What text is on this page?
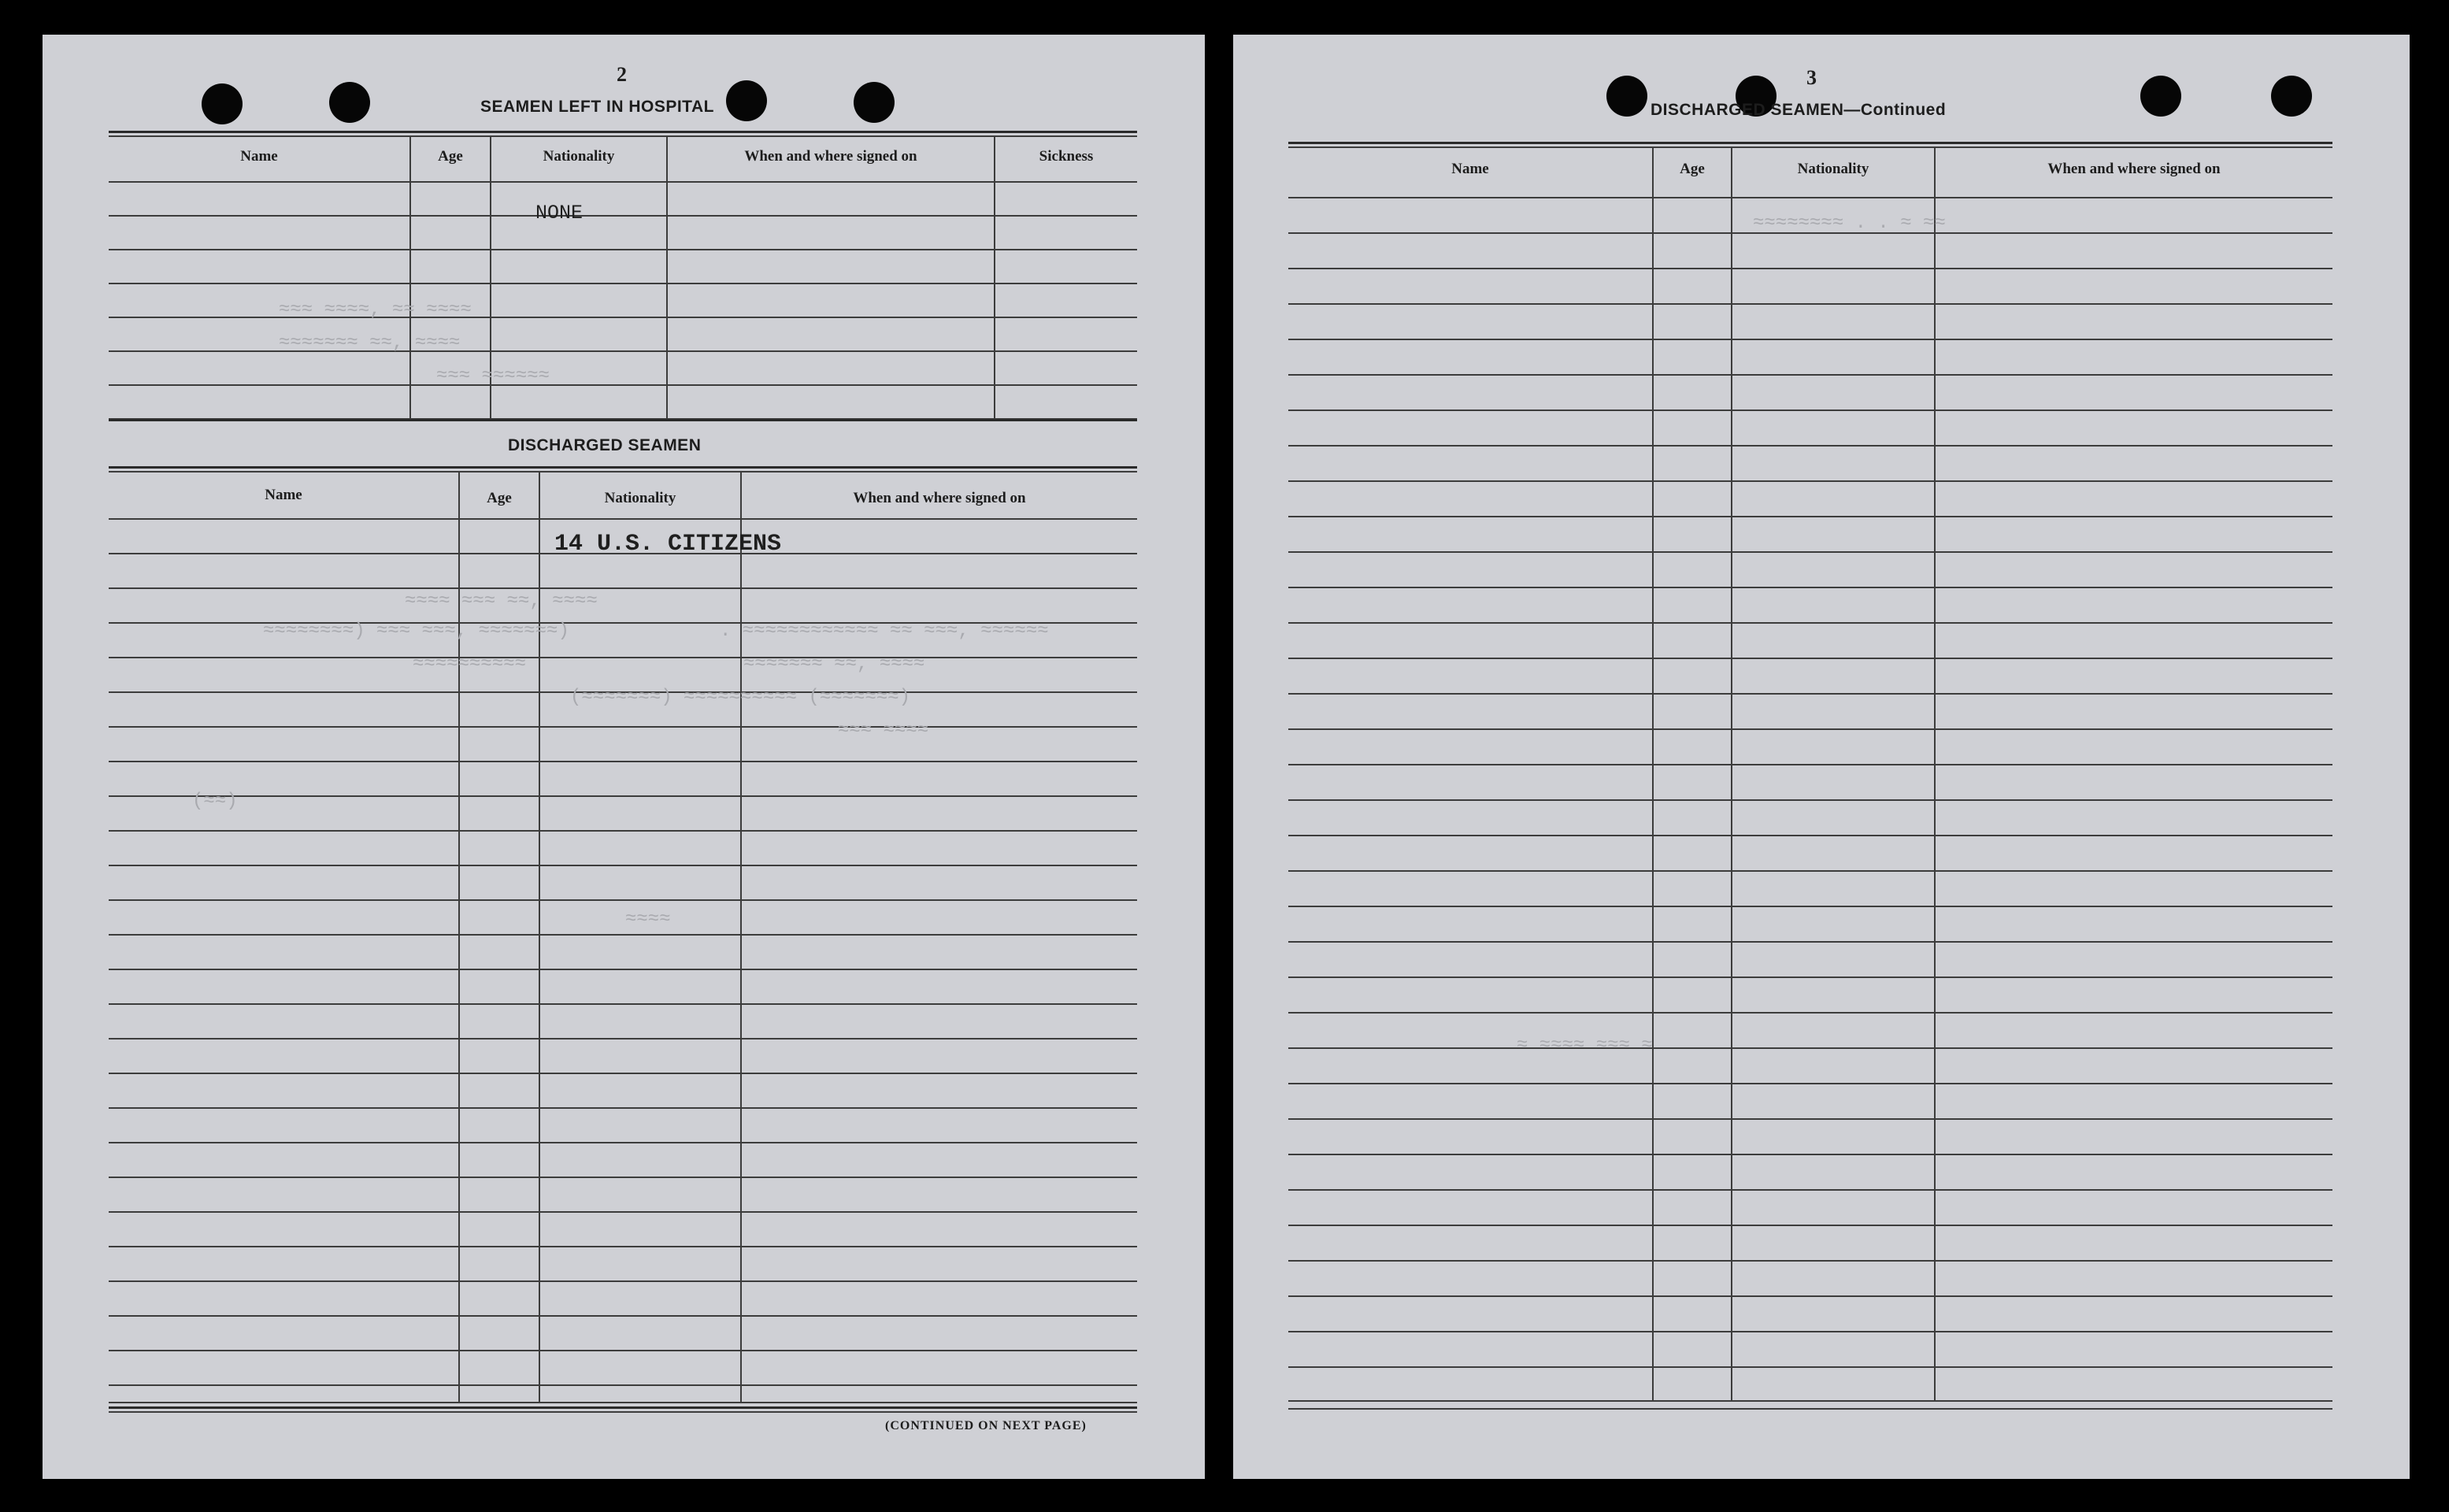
2
SEAMEN LEFT IN HOSPITAL
Name	Age	Nationality	When and where signed on	Sickness
NONE
≈≈≈ ≈≈≈≈, ≈≈ ≈≈≈≈
≈≈≈≈≈≈≈ ≈≈, ≈≈≈≈
≈≈≈ ≈≈≈≈≈≈
DISCHARGED SEAMEN
Name	Age	Nationality	When and where signed on
14 U.S. CITIZENS
≈≈≈≈ ≈≈≈ ≈≈, ≈≈≈≈
≈≈≈≈≈≈≈≈) ≈≈≈ ≈≈≈, ≈≈≈≈≈≈≈)	. ≈≈≈≈≈≈≈≈≈≈≈≈ ≈≈ ≈≈≈, ≈≈≈≈≈≈
≈≈≈≈≈≈≈≈≈≈	≈≈≈≈≈≈≈ ≈≈, ≈≈≈≈
(≈≈≈≈≈≈≈) ≈≈≈≈≈≈≈≈≈≈ (≈≈≈≈≈≈≈)
≈≈≈ ≈≈≈≈
(≈≈)
≈≈≈≈
(CONTINUED ON NEXT PAGE)
3
DISCHARGED SEAMEN—Continued
Name	Age	Nationality	When and where signed on
≈≈≈≈≈≈≈≈ . . ≈ ≈≈
≈ ≈≈≈≈ ≈≈≈ ≈
